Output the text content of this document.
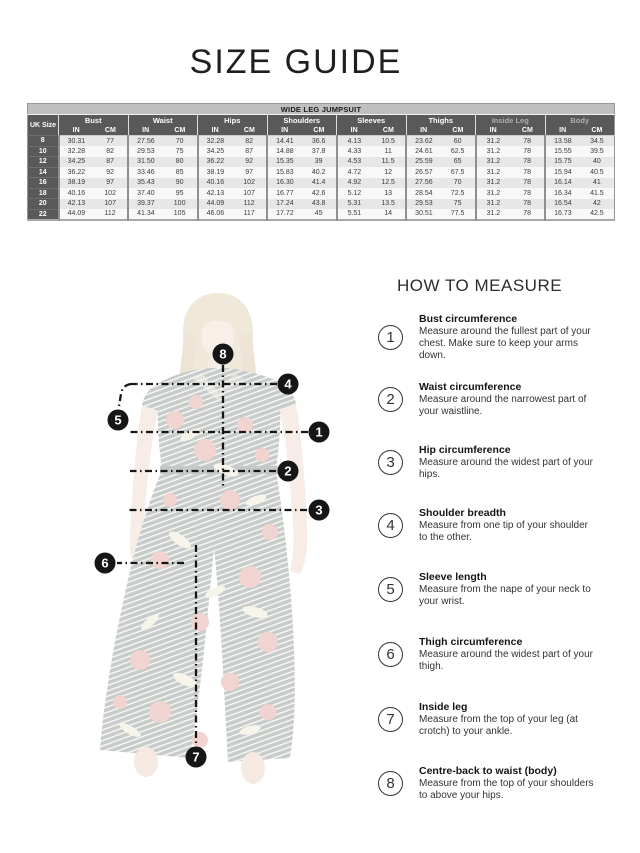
SIZE GUIDE
WIDE LEG JUMPSUIT																
UK Size	Bust		Waist		Hips		Shoulders		Sleeves		Thighs		Inside Leg		Body	
	IN	CM	IN	CM	IN	CM	IN	CM	IN	CM	IN	CM	IN	CM	IN	CM
8	30.31	77	27.56	70	32.28	82	14.41	36.6	4.13	10.5	23.62	60	31.2	78	13.58	34.5
10	32.28	82	29.53	75	34.25	87	14.88	37.8	4.33	11	24.61	62.5	31.2	78	15.55	39.5
12	34.25	87	31.50	80	36.22	92	15.35	39	4.53	11.5	25.59	65	31.2	78	15.75	40
14	36.22	92	33.46	85	38.19	97	15.83	40.2	4.72	12	26.57	67.5	31.2	78	15.94	40.5
16	38.19	97	35.43	90	40.16	102	16.30	41.4	4.92	12.5	27.56	70	31.2	78	16.14	41
18	40.16	102	37.40	95	42.13	107	16.77	42.6	5.12	13	28.54	72.5	31.2	78	16.34	41.5
20	42.13	107	39.37	100	44.09	112	17.24	43.8	5.31	13.5	29.53	75	31.2	78	16.54	42
22	44.09	112	41.34	105	46.06	117	17.72	45	5.51	14	30.51	77.5	31.2	78	16.73	42.5
1
2
3
4
5
6
7
8
HOW TO MEASURE
1
Bust circumference
Measure around the fullest part of your chest. Make sure to keep your arms down.
2
Waist circumference
Measure around the narrowest part of your waistline.
3
Hip circumference
Measure around the widest part of your hips.
4
Shoulder breadth
Measure from one tip of your shoulder to the other.
5
Sleeve length
Measure from the nape of your neck to your wrist.
6
Thigh circumference
Measure around the widest part of your thigh.
7
Inside leg
Measure from the top of your leg (at crotch) to your ankle.
8
Centre-back to waist (body)
Measure from the top of your shoulders to above your hips.
